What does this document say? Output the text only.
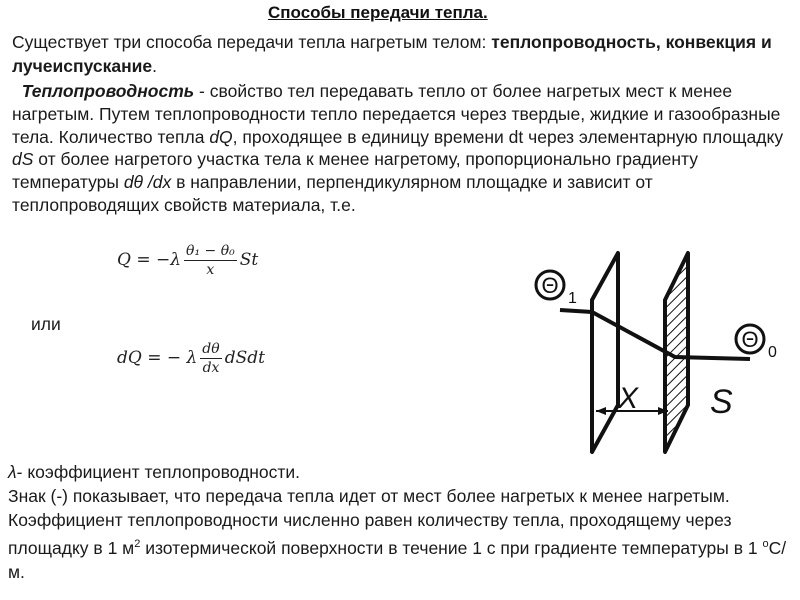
Способы передачи тепла.
Существует три способа передачи тепла нагретым телом: теплопроводность, конвекция и лучеиспускание.
Теплопроводность - свойство тел передавать тепло от более нагретых мест к менее нагретым. Путем теплопроводности тепло передается через твердые, жидкие и газообразные тела. Количество тепла dQ, проходящее в единицу времени dt через элементарную площадку dS от более нагретого участка тела к менее нагретому, пропорционально градиенту температуры dθ /dx в направлении, перпендикулярном площадке и зависит от теплопроводящих свойств материала, т.е.
$Q = -\lambda \frac{\text{θ₁ − θ₀}}{x}$ St
или
dQ = − λ $\frac{d\theta}{dx}$ dSdt
Θ
1
Θ
0
X S
λ- коэффициент теплопроводности.
Знак (-) показывает, что передача тепла идет от мест более нагретых к менее нагретым.
Коэффициент теплопроводности численно равен количеству тепла, проходящему через площадку в 1 $м^2$ изотермической поверхности в течение 1 с при градиенте температуры в 1 $^o$С/м.
